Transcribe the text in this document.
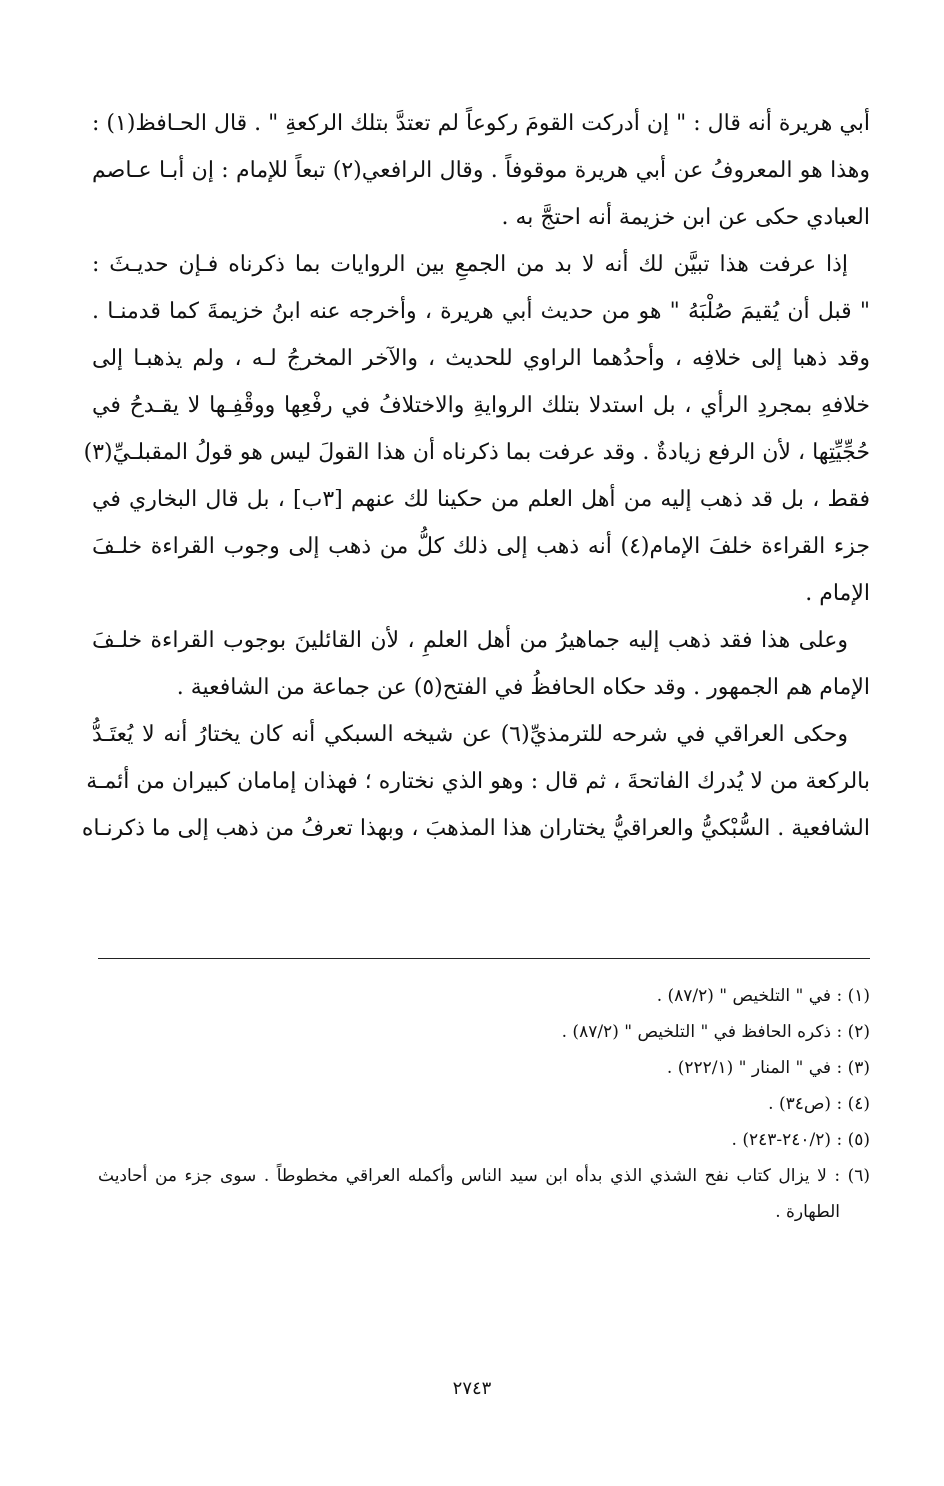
أبي هريرة أنه قال : " إن أدركت القومَ ركوعاً لم تعتدَّ بتلك الركعةِ " . قال الحـافظ(١) :
وهذا هو المعروفُ عن أبي هريرة موقوفاً . وقال الرافعي(٢) تبعاً للإمام : إن أبـا عـاصم
العبادي حكى عن ابن خزيمة أنه احتجَّ به .
إذا عرفت هذا تبيَّن لك أنه لا بد من الجمعِ بين الروايات بما ذكرناه فـإن حديـثَ :
" قبل أن يُقيمَ صُلْبَهُ " هو من حديث أبي هريرة ، وأخرجه عنه ابنُ خزيمةَ كما قدمنـا .
وقد ذهبا إلى خلافِه ، وأحدُهما الراوي للحديث ، والآخر المخرجُ لـه ، ولم يذهبـا إلى
خلافهِ بمجردِ الرأي ، بل استدلا بتلك الروايةِ والاختلافُ في رفْعِها ووقْفِـها لا يقـدحُ في
حُجِّيِّتِها ، لأن الرفع زيادةٌ . وقد عرفت بما ذكرناه أن هذا القولَ ليس هو قولُ المقبلـيِّ(٣)
فقط ، بل قد ذهب إليه من أهل العلم من حكينا لك عنهم [٣ب] ، بل قال البخاري في
جزء القراءة خلفَ الإمام(٤) أنه ذهب إلى ذلك كلُّ من ذهب إلى وجوب القراءة خلـفَ
الإمام .
وعلى هذا فقد ذهب إليه جماهيرُ من أهل العلمِ ، لأن القائلينَ بوجوب القراءة خلـفَ
الإمام هم الجمهور . وقد حكاه الحافظُ في الفتح(٥) عن جماعة من الشافعية .
وحكى العراقي في شرحه للترمذيِّ(٦) عن شيخه السبكي أنه كان يختارُ أنه لا يُعتَـدُّ
بالركعة من لا يُدرك الفاتحةَ ، ثم قال : وهو الذي نختاره ؛ فهذان إمامان كبيران من أئمـة
الشافعية . السُّبْكيُّ والعراقيُّ يختاران هذا المذهبَ ، وبهذا تعرفُ من ذهب إلى ما ذكرنـاه
(١) : في " التلخيص " (٨٧/٢) .
(٢) : ذكره الحافظ في " التلخيص " (٨٧/٢) .
(٣) : في " المنار " (٢٢٢/١) .
(٤) : (ص٣٤) .
(٥) : (٢٤٠/٢-٢٤٣) .
(٦) : لا يزال كتاب نفح الشذي الذي بدأه ابن سيد الناس وأكمله العراقي مخطوطاً . سوى جزء من أحاديث
الطهارة .
٢٧٤٣
